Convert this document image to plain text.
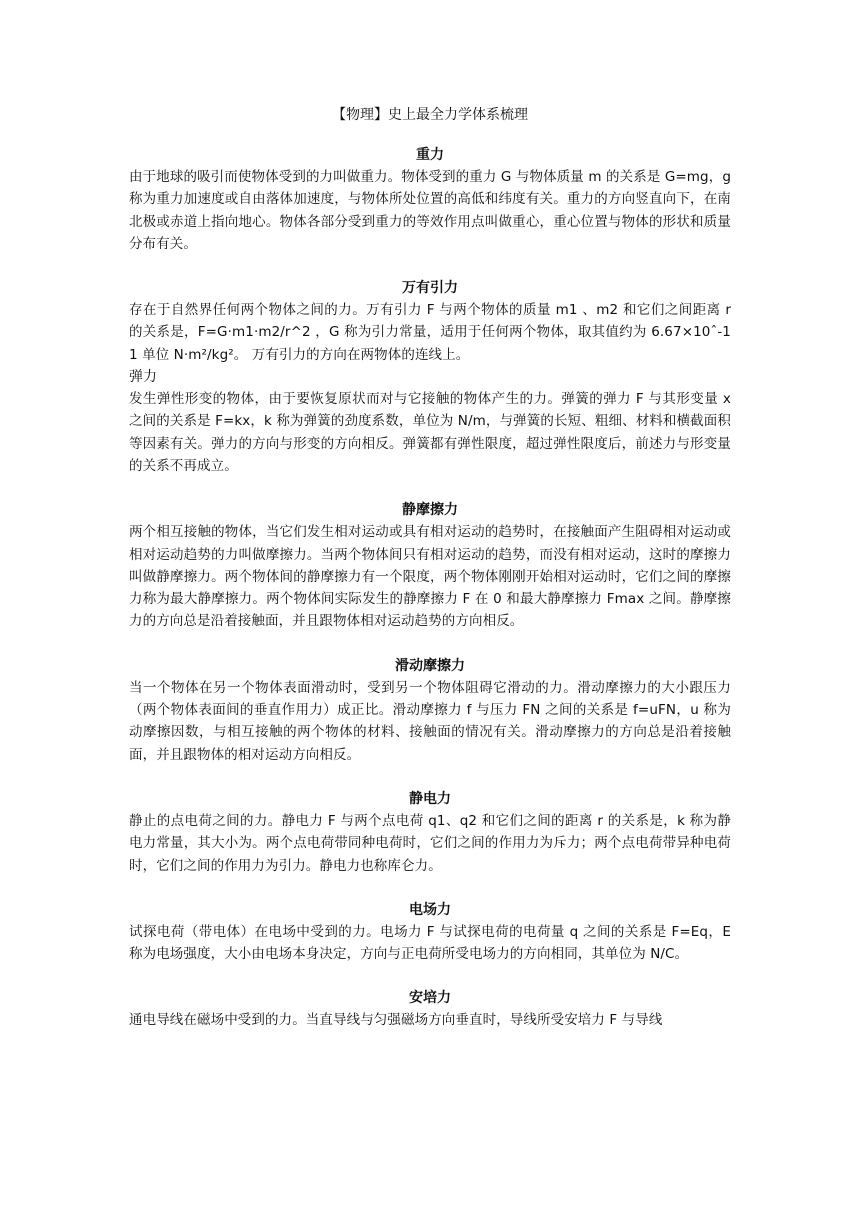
【物理】史上最全力学体系梳理
重力

由于地球的吸引而使物体受到的力叫做重力。物体受到的重力 G 与物体质量 m 的关系是 G=mg，g 称为重力加速度或自由落体加速度，与物体所处位置的高低和纬度有关。重力的方向竖直向下，在南北极或赤道上指向地心。物体各部分受到重力的等效作用点叫做重心，重心位置与物体的形状和质量分布有关。

万有引力

存在于自然界任何两个物体之间的力。万有引力 F 与两个物体的质量 m1 、m2 和它们之间距离 r 的关系是，F=G·m1·m2/r^2 ，G 称为引力常量，适用于任何两个物体，取其值约为 6.67×10ˆ-11 单位 N·m²/kg²。 万有引力的方向在两物体的连线上。

弹力

发生弹性形变的物体，由于要恢复原状而对与它接触的物体产生的力。弹簧的弹力 F 与其形变量 x 之间的关系是 F=kx，k 称为弹簧的劲度系数，单位为 N/m，与弹簧的长短、粗细、材料和横截面积等因素有关。弹力的方向与形变的方向相反。弹簧都有弹性限度，超过弹性限度后，前述力与形变量的关系不再成立。

静摩擦力

两个相互接触的物体，当它们发生相对运动或具有相对运动的趋势时，在接触面产生阻碍相对运动或相对运动趋势的力叫做摩擦力。当两个物体间只有相对运动的趋势，而没有相对运动，这时的摩擦力叫做静摩擦力。两个物体间的静摩擦力有一个限度，两个物体刚刚开始相对运动时，它们之间的摩擦力称为最大静摩擦力。两个物体间实际发生的静摩擦力 F 在 0 和最大静摩擦力 Fmax 之间。静摩擦力的方向总是沿着接触面，并且跟物体相对运动趋势的方向相反。

滑动摩擦力

当一个物体在另一个物体表面滑动时，受到另一个物体阻碍它滑动的力。滑动摩擦力的大小跟压力（两个物体表面间的垂直作用力）成正比。滑动摩擦力 f 与压力 FN 之间的关系是 f=uFN，u 称为动摩擦因数，与相互接触的两个物体的材料、接触面的情况有关。滑动摩擦力的方向总是沿着接触面，并且跟物体的相对运动方向相反。

静电力

静止的点电荷之间的力。静电力 F 与两个点电荷 q1、q2 和它们之间的距离 r 的关系是，k 称为静电力常量，其大小为。两个点电荷带同种电荷时，它们之间的作用力为斥力；两个点电荷带异种电荷时，它们之间的作用力为引力。静电力也称库仑力。

电场力

试探电荷（带电体）在电场中受到的力。电场力 F 与试探电荷的电荷量 q 之间的关系是 F=Eq，E 称为电场强度，大小由电场本身决定，方向与正电荷所受电场力的方向相同，其单位为 N/C。

安培力

通电导线在磁场中受到的力。当直导线与匀强磁场方向垂直时，导线所受安培力 F 与导线
